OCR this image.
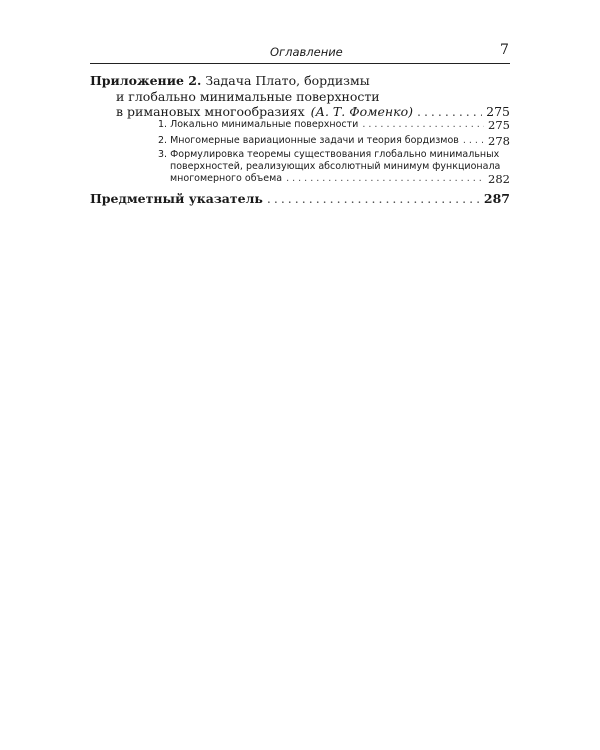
Оглавление	7
Приложение 2. Задача Плато, бордизмы
и глобально минимальные поверхности
в римановых многообразиях (А. Т. Фоменко) .....	275
1. Локально минимальные поверхности .....	275
2. Многомерные вариационные задачи и теория бордизмов .....	278
3. Формулировка теоремы существования глобально минимальных
поверхностей, реализующих абсолютный минимум функционала
многомерного объема .....	282
Предметный указатель .....	287
